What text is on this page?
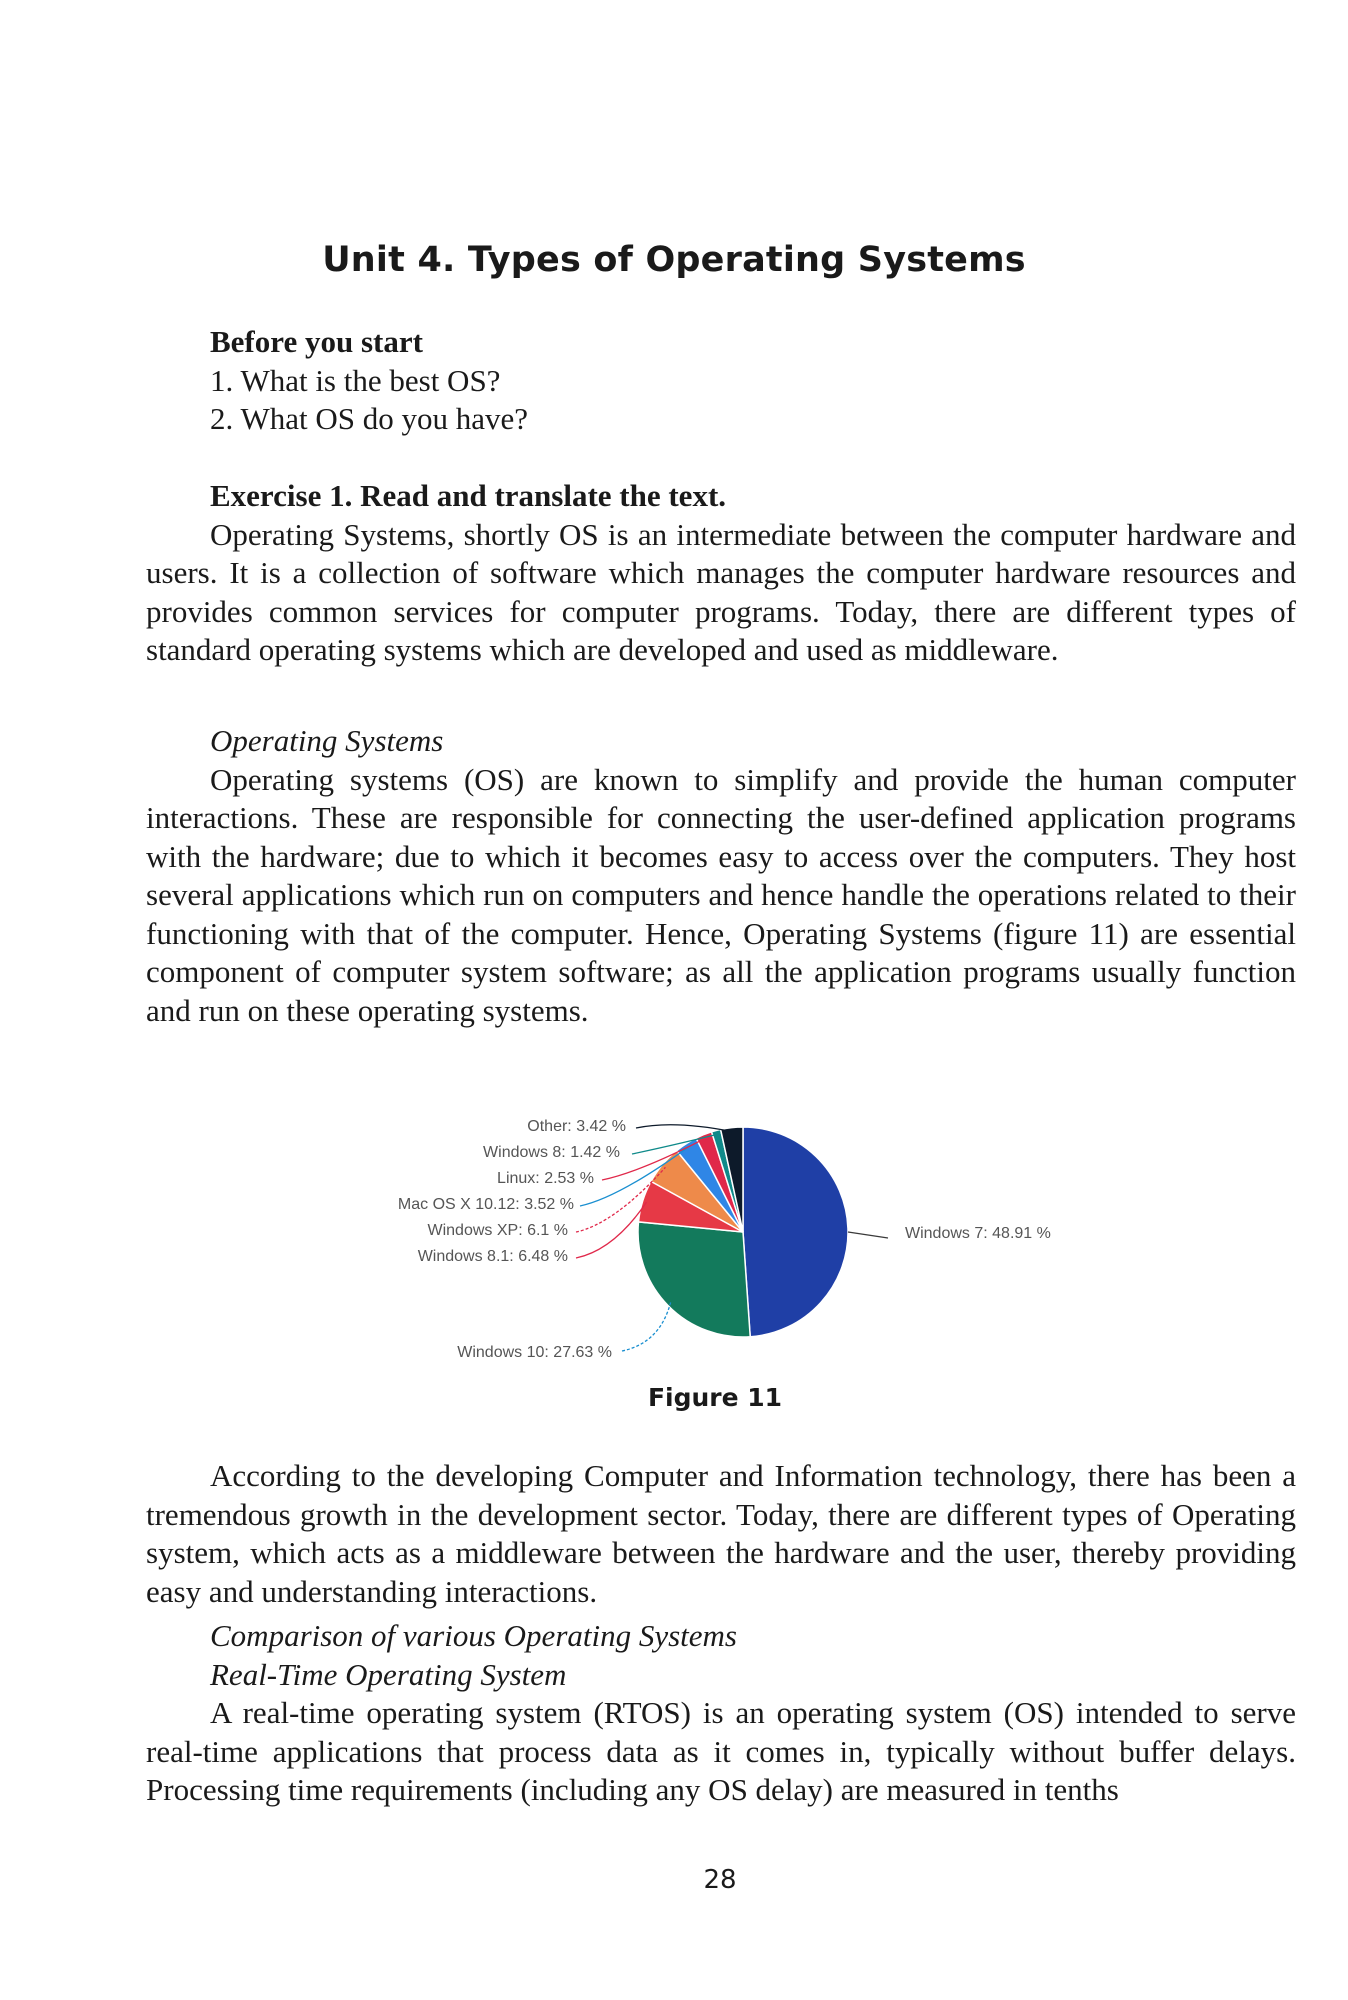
Unit 4. Types of Operating Systems

Before you start

1. What is the best OS?

2. What OS do you have?

Exercise 1. Read and translate the text.

Operating Systems, shortly OS is an intermediate between the computer hardware and users. It is a collection of software which manages the computer hardware resources and provides common services for computer programs. Today, there are different types of standard operating systems which are developed and used as middleware.

Operating Systems

Operating systems (OS) are known to simplify and provide the human computer interactions. These are responsible for connecting the user-defined application programs with the hardware; due to which it becomes easy to access over the computers. They host several applications which run on computers and hence handle the operations related to their functioning with that of the computer. Hence, Operating Systems (figure 11) are essential component of computer system software; as all the application programs usually function and run on these operating systems.

Windows 7: 48.91 %
Windows 10: 27.63 %
Windows 8.1: 6.48 %
Windows XP: 6.1 %
Mac OS X 10.12: 3.52 %
Linux: 2.53 %
Windows 8: 1.42 %
Other: 3.42 %
Figure 11

According to the developing Computer and Information technology, there has been a tremendous growth in the development sector. Today, there are different types of Operating system, which acts as a middleware between the hardware and the user, thereby providing easy and understanding interactions.

Comparison of various Operating Systems

Real-Time Operating System

A real-time operating system (RTOS) is an operating system (OS) intended to serve real-time applications that process data as it comes in, typically without buffer delays. Processing time requirements (including any OS delay) are measured in tenths

28
